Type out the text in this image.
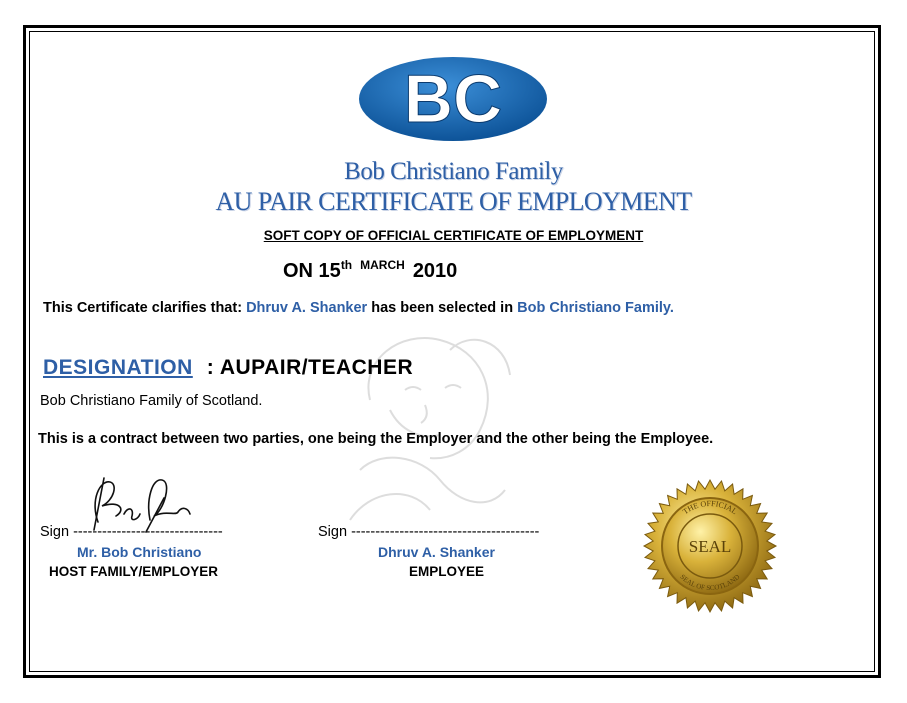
BC
Bob Christiano Family
AU PAIR CERTIFICATE OF EMPLOYMENT
SOFT COPY OF OFFICIAL CERTIFICATE OF EMPLOYMENT
ON 15th $^{MARCH}$ 2010
This Certificate clarifies that: Dhruv A. Shanker has been selected in Bob Christiano Family.
DESIGNATION : AUPAIR/TEACHER
Bob Christiano Family of Scotland.
This is a contract between two parties, one being the Employer and the other being the Employee.
Sign -------------------------------
Mr. Bob Christiano
HOST FAMILY/EMPLOYER
Sign ---------------------------------------
Dhruv A. Shanker
EMPLOYEE
THE OFFICIAL
SEAL OF SCOTLAND
SEAL
